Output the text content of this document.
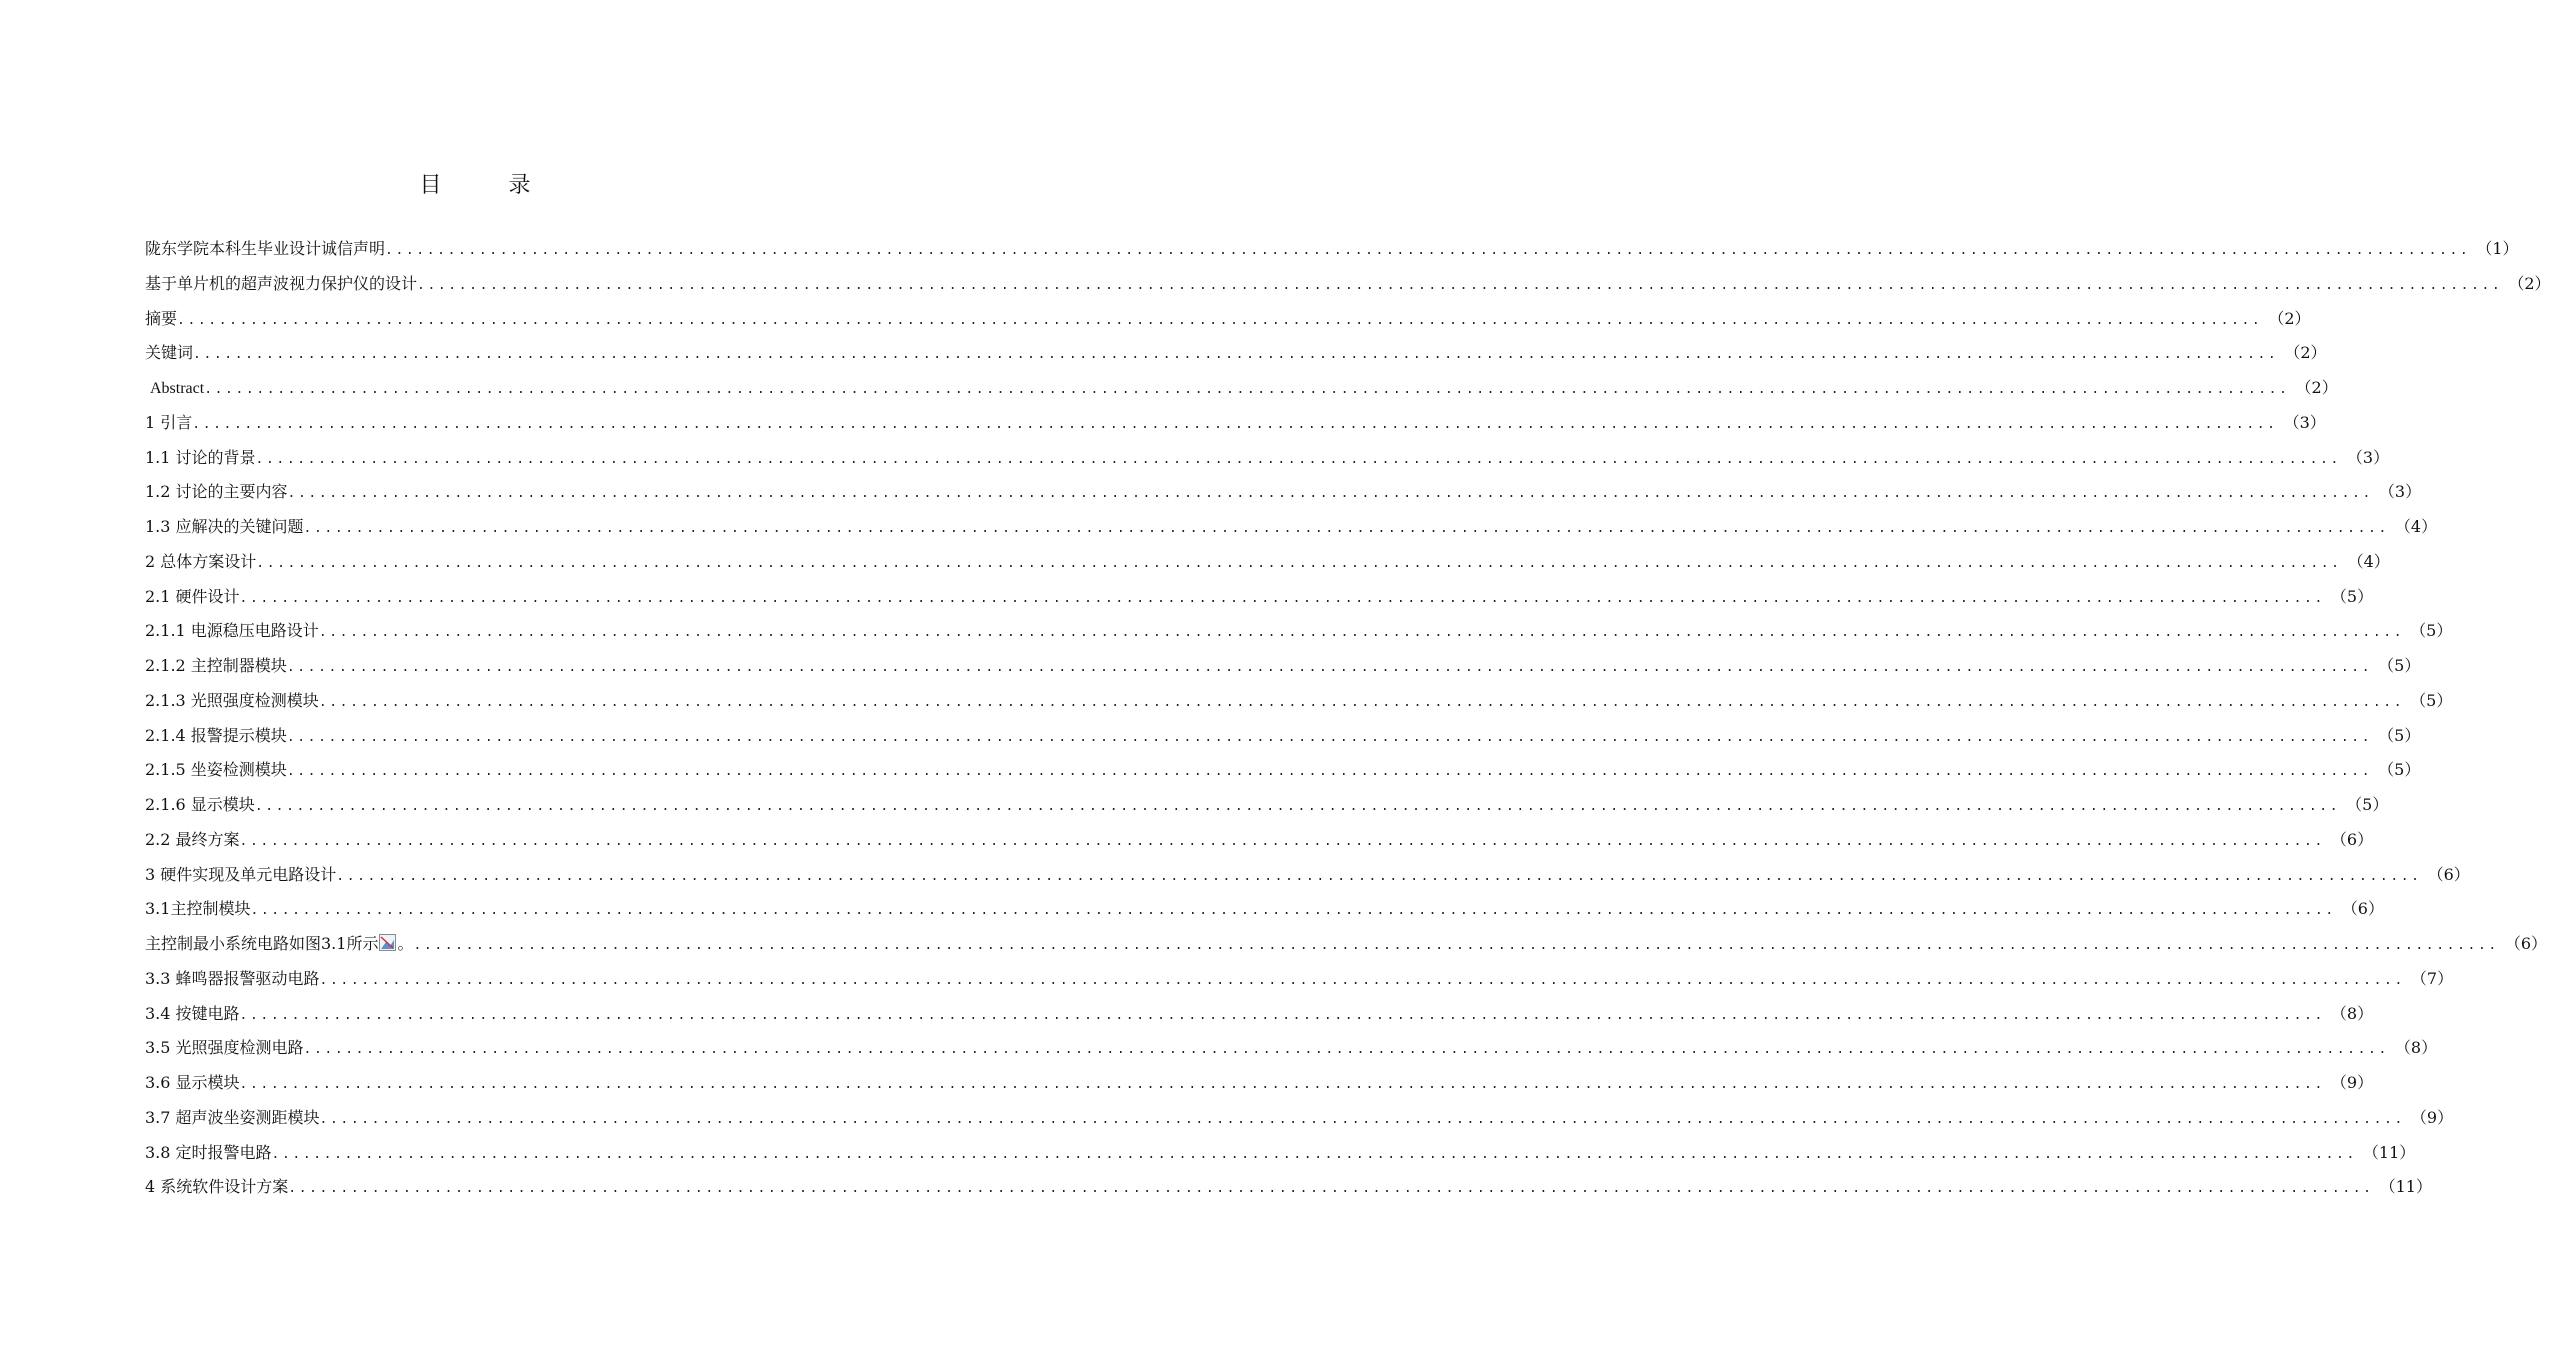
目 录
陇东学院本科生毕业设计诚信声明 ........................................................................................................................................................................................................ （1）
基于单片机的超声波视力保护仪的设计 ........................................................................................................................................................................................................ （2）
摘要 ........................................................................................................................................................................................................ （2）
关键词 ........................................................................................................................................................................................................ （2）
Abstract ........................................................................................................................................................................................................ （2）
1 引言 ........................................................................................................................................................................................................ （3）
1.1 讨论的背景 ........................................................................................................................................................................................................ （3）
1.2 讨论的主要内容 ........................................................................................................................................................................................................ （3）
1.3 应解决的关键问题 ........................................................................................................................................................................................................ （4）
2 总体方案设计 ........................................................................................................................................................................................................ （4）
2.1 硬件设计 ........................................................................................................................................................................................................ （5）
2.1.1 电源稳压电路设计 ........................................................................................................................................................................................................ （5）
2.1.2 主控制器模块 ........................................................................................................................................................................................................ （5）
2.1.3 光照强度检测模块 ........................................................................................................................................................................................................ （5）
2.1.4 报警提示模块 ........................................................................................................................................................................................................ （5）
2.1.5 坐姿检测模块 ........................................................................................................................................................................................................ （5）
2.1.6 显示模块 ........................................................................................................................................................................................................ （5）
2.2 最终方案 ........................................................................................................................................................................................................ （6）
3 硬件实现及单元电路设计 ........................................................................................................................................................................................................ （6）
3.1主控制模块 ........................................................................................................................................................................................................ （6）
主控制最小系统电路如图3.1所示 。 ........................................................................................................................................................................................................ （6）
3.3 蜂鸣器报警驱动电路 ........................................................................................................................................................................................................ （7）
3.4 按键电路 ........................................................................................................................................................................................................ （8）
3.5 光照强度检测电路 ........................................................................................................................................................................................................ （8）
3.6 显示模块 ........................................................................................................................................................................................................ （9）
3.7 超声波坐姿测距模块 ........................................................................................................................................................................................................ （9）
3.8 定时报警电路 ........................................................................................................................................................................................................ （11）
4 系统软件设计方案 ........................................................................................................................................................................................................ （11）
